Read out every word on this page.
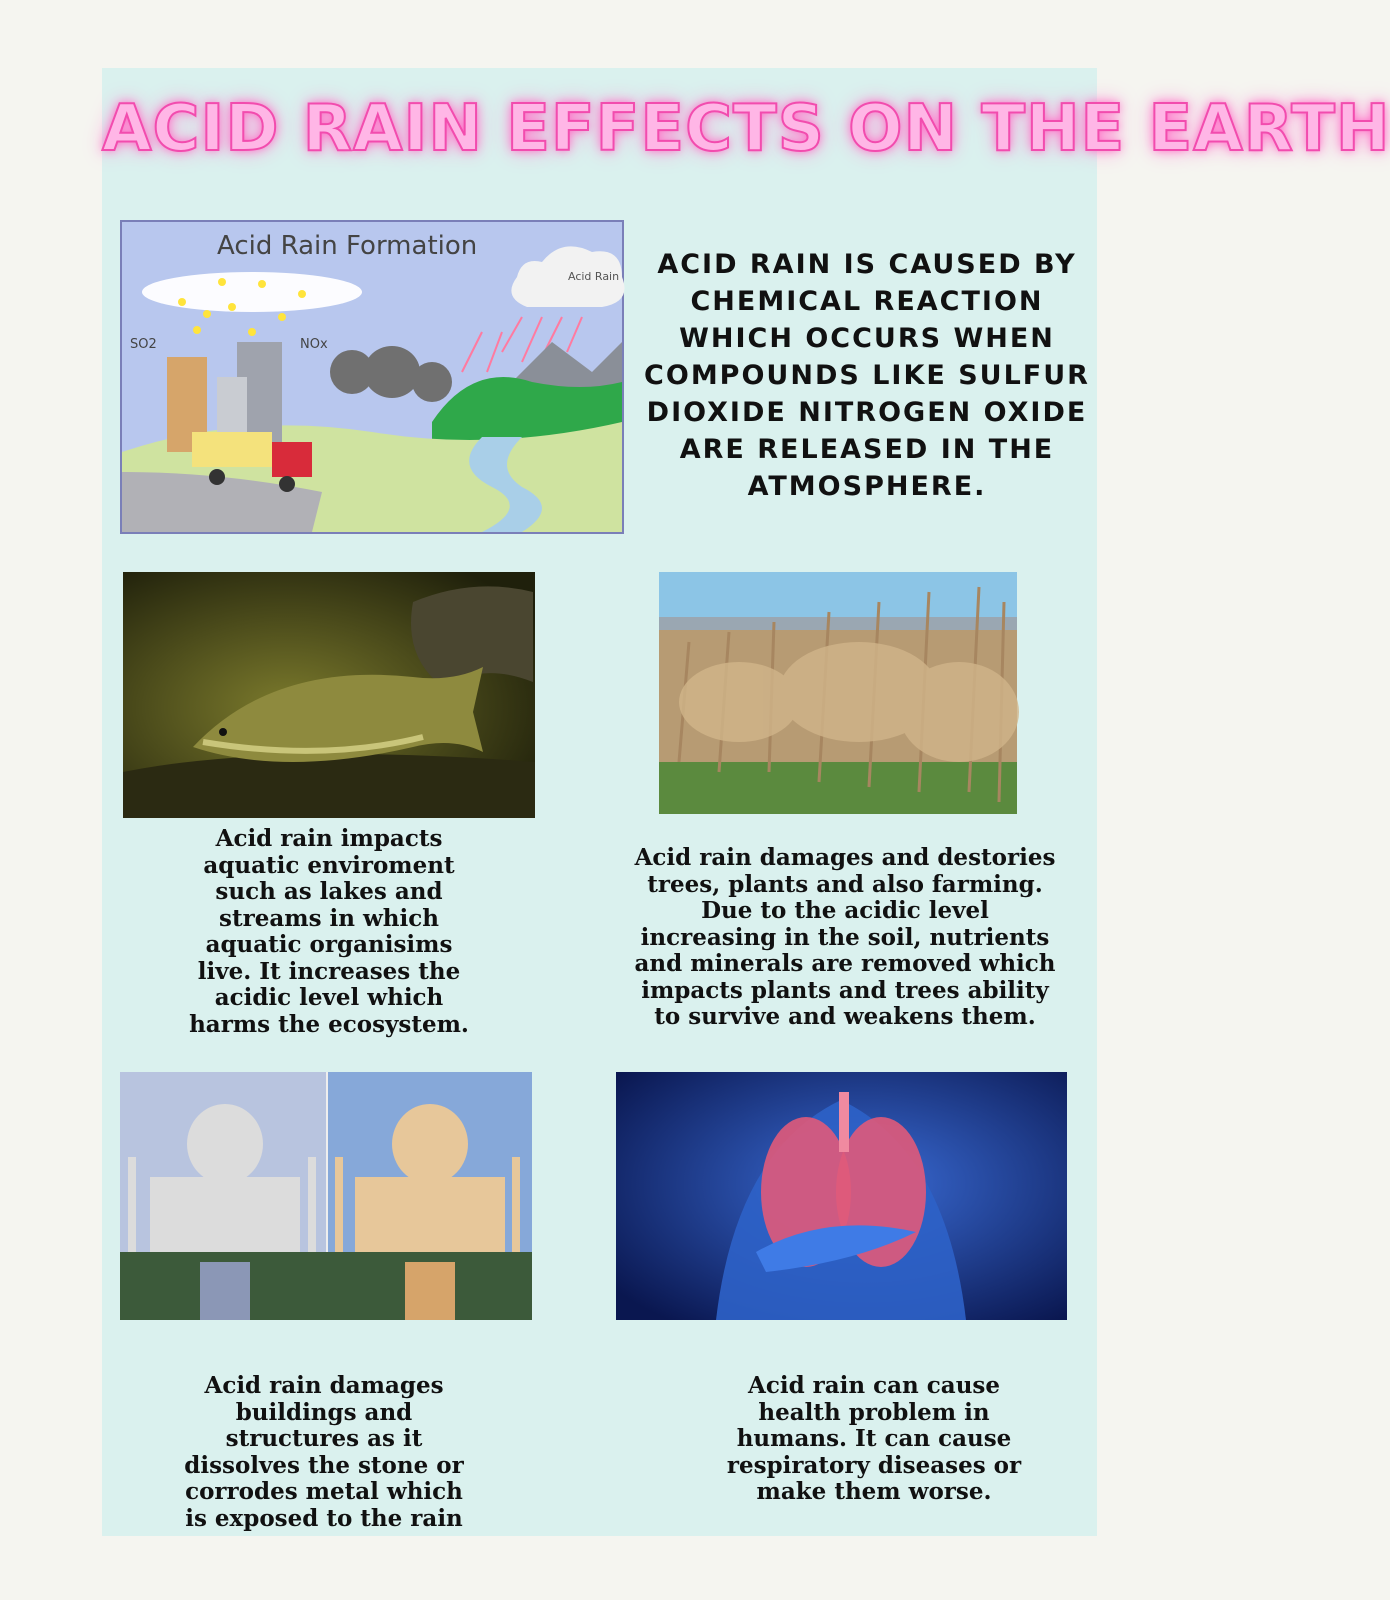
ACID RAIN EFFECTS ON THE EARTH
Acid Rain Formation
SO2	NOx
Acid Rain	ACID RAIN IS CAUSED BY CHEMICAL REACTION WHICH OCCURS WHEN COMPOUNDS LIKE SULFUR DIOXIDE NITROGEN OXIDE ARE RELEASED IN THE ATMOSPHERE.
Acid rain impacts aquatic enviroment such as lakes and streams in which aquatic organisims live. It increases the acidic level which harms the ecosystem.
Acid rain damages and destories trees, plants and also farming. Due to the acidic level increasing in the soil, nutrients and minerals are removed which impacts plants and trees ability to survive and weakens them.
Acid rain damages buildings and structures as it dissolves the stone or corrodes metal which is exposed to the rain
Acid rain can cause health problem in humans. It can cause respiratory diseases or make them worse.
